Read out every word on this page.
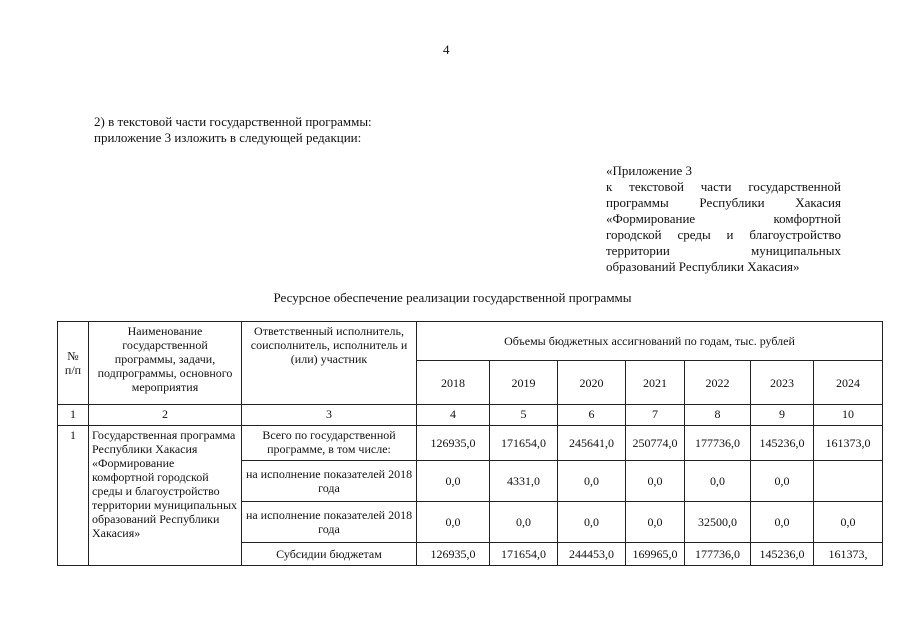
4
2) в текстовой части государственной программы:
приложение 3 изложить в следующей редакции:
«Приложение 3
к текстовой части государственной
программы Республики Хакасия
«Формирование комфортной
городской среды и благоустройство
территории муниципальных
образований Республики Хакасия»
Ресурсное обеспечение реализации государственной программы
№ п/п	Наименование государственной программы, задачи, подпрограммы, основного мероприятия	Ответственный исполнитель, соисполнитель, исполнитель и (или) участник	Объемы бюджетных ассигнований по годам, тыс. рублей						
			2018	2019	2020	2021	2022	2023	2024
1	2	3	4	5	6	7	8	9	10
1	Государственная программа Республики Хакасия «Формирование комфортной городской среды и благоустройство территории муниципальных образований Республики Хакасия»	Всего по государственной программе, в том числе:	126935,0	171654,0	245641,0	250774,0	177736,0	145236,0	161373,0
		на исполнение показателей 2018 года	0,0	4331,0	0,0	0,0	0,0	0,0	
		на исполнение показателей 2018 года	0,0	0,0	0,0	0,0	32500,0	0,0	0,0
		Субсидии бюджетам	126935,0	171654,0	244453,0	169965,0	177736,0	145236,0	161373,
